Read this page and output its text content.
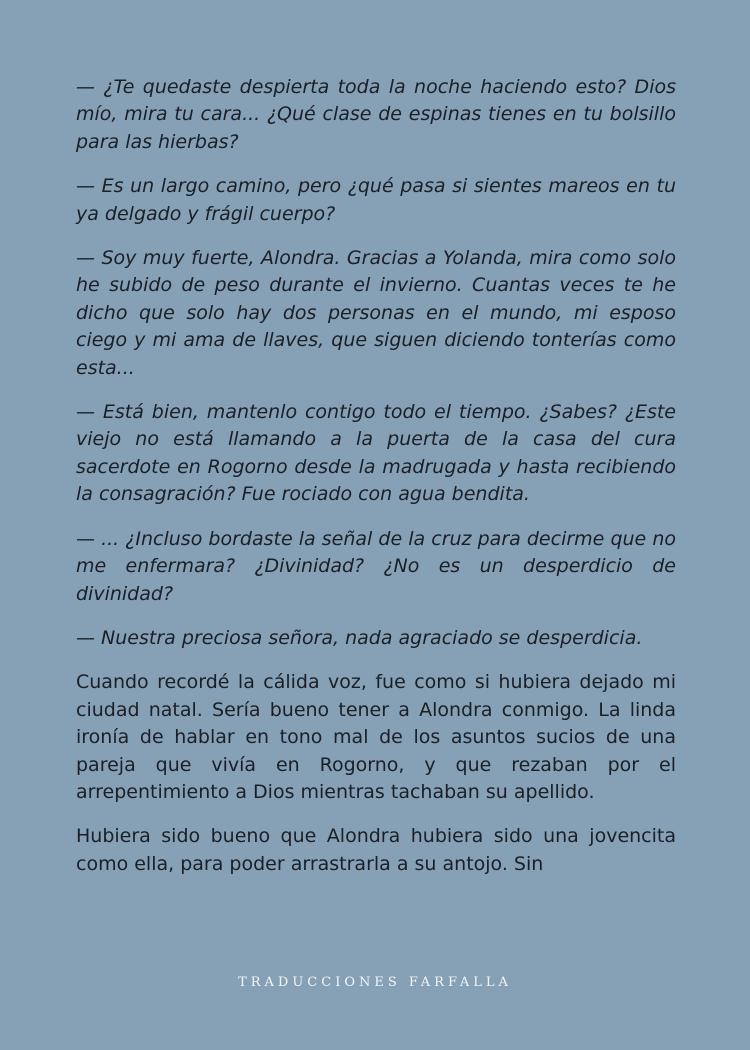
— ¿Te quedaste despierta toda la noche haciendo esto? Dios mío, mira tu cara... ¿Qué clase de espinas tienes en tu bolsillo para las hierbas?

— Es un largo camino, pero ¿qué pasa si sientes mareos en tu ya delgado y frágil cuerpo?

— Soy muy fuerte, Alondra. Gracias a Yolanda, mira como solo he subido de peso durante el invierno. Cuantas veces te he dicho que solo hay dos personas en el mundo, mi esposo ciego y mi ama de llaves, que siguen diciendo tonterías como esta...

— Está bien, mantenlo contigo todo el tiempo. ¿Sabes? ¿Este viejo no está llamando a la puerta de la casa del cura sacerdote en Rogorno desde la madrugada y hasta recibiendo la consagración? Fue rociado con agua bendita.

— ... ¿Incluso bordaste la señal de la cruz para decirme que no me enfermara? ¿Divinidad? ¿No es un desperdicio de divinidad?

— Nuestra preciosa señora, nada agraciado se desperdicia.

Cuando recordé la cálida voz, fue como si hubiera dejado mi ciudad natal. Sería bueno tener a Alondra conmigo. La linda ironía de hablar en tono mal de los asuntos sucios de una pareja que vivía en Rogorno, y que rezaban por el arrepentimiento a Dios mientras tachaban su apellido.

Hubiera sido bueno que Alondra hubiera sido una jovencita como ella, para poder arrastrarla a su antojo. Sin

TRADUCCIONES FARFALLA
